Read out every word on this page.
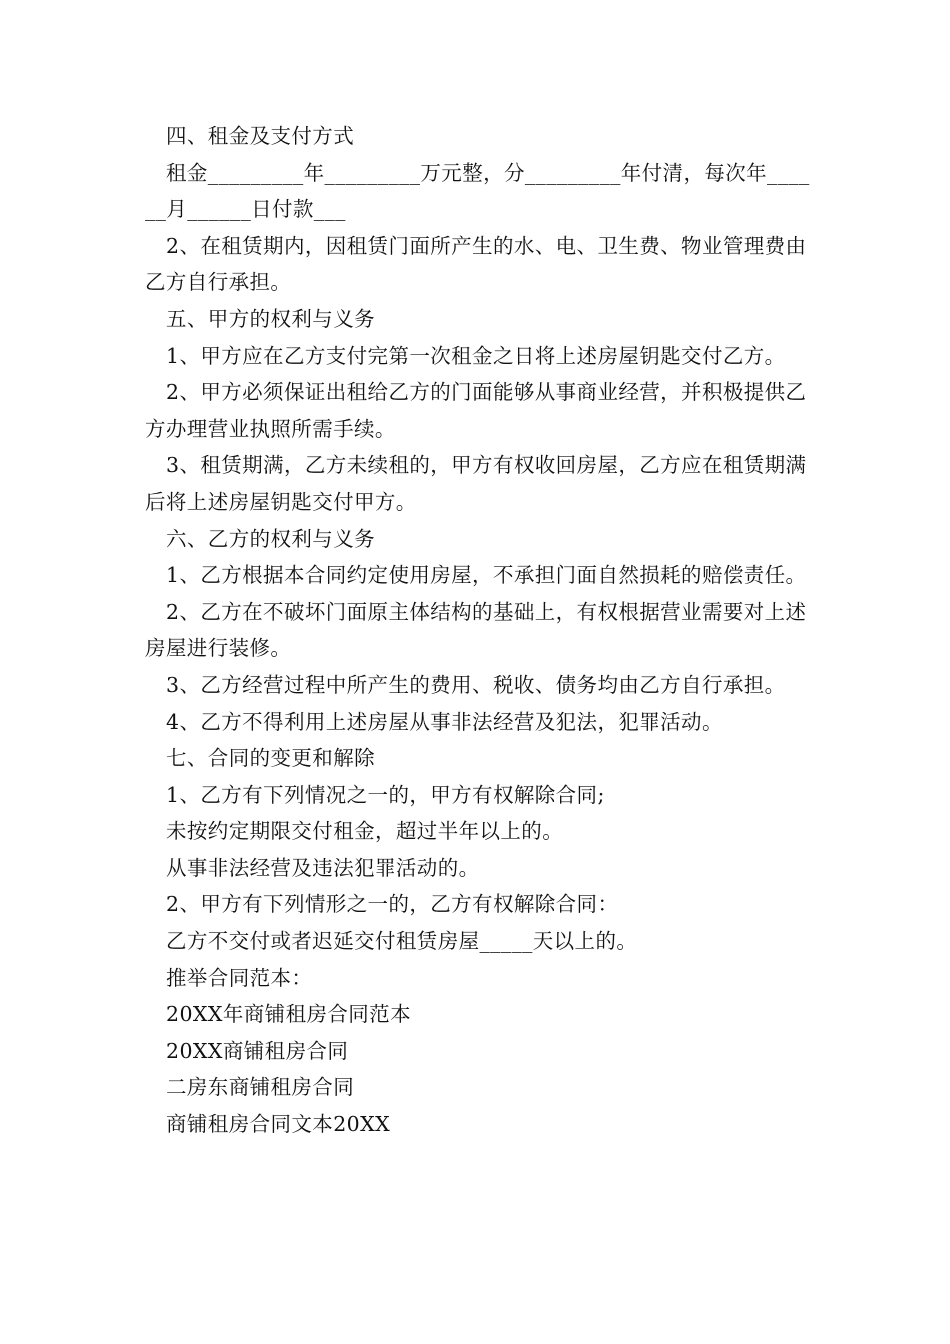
四、租金及支付方式

租金_________年_________万元整，分_________年付清，每次年______月______日付款___

2、在租赁期内，因租赁门面所产生的水、电、卫生费、物业管理费由乙方自行承担。

五、甲方的权利与义务

1、甲方应在乙方支付完第一次租金之日将上述房屋钥匙交付乙方。

2、甲方必须保证出租给乙方的门面能够从事商业经营，并积极提供乙方办理营业执照所需手续。

3、租赁期满，乙方未续租的，甲方有权收回房屋，乙方应在租赁期满后将上述房屋钥匙交付甲方。

六、乙方的权利与义务

1、乙方根据本合同约定使用房屋，不承担门面自然损耗的赔偿责任。

2、乙方在不破坏门面原主体结构的基础上，有权根据营业需要对上述房屋进行装修。

3、乙方经营过程中所产生的费用、税收、债务均由乙方自行承担。

4、乙方不得利用上述房屋从事非法经营及犯法，犯罪活动。

七、合同的变更和解除

1、乙方有下列情况之一的，甲方有权解除合同;

未按约定期限交付租金，超过半年以上的。

从事非法经营及违法犯罪活动的。

2、甲方有下列情形之一的，乙方有权解除合同：

乙方不交付或者迟延交付租赁房屋_____天以上的。

推举合同范本：

20XX年商铺租房合同范本

20XX商铺租房合同

二房东商铺租房合同

商铺租房合同文本20XX
